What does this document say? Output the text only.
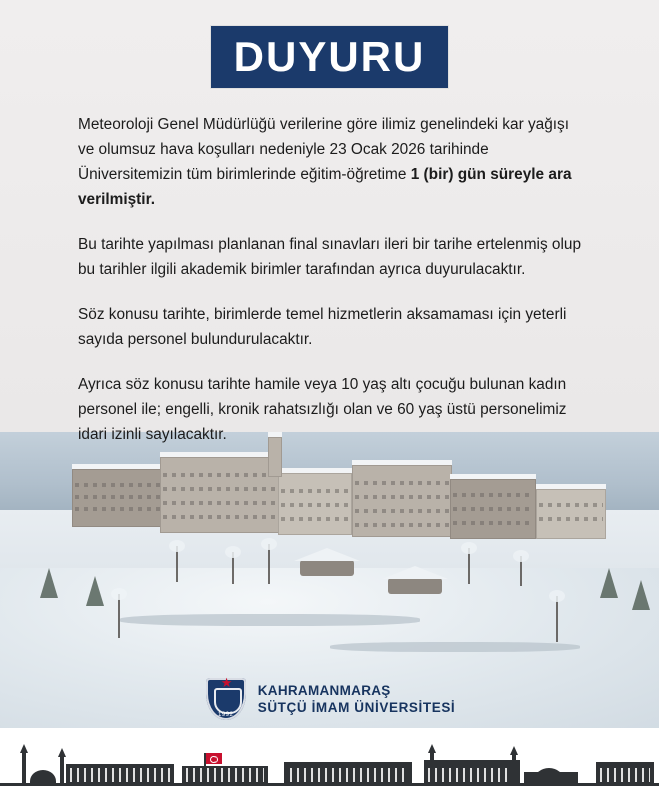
DUYURU

Meteoroloji Genel Müdürlüğü verilerine göre ilimiz genelindeki kar yağışı ve olumsuz hava koşulları nedeniyle 23 Ocak 2026 tarihinde Üniversitemizin tüm birimlerinde eğitim-öğretime 1 (bir) gün süreyle ara verilmiştir.

Bu tarihte yapılması planlanan final sınavları ileri bir tarihe ertelenmiş olup bu tarihler ilgili akademik birimler tarafından ayrıca duyurulacaktır.

Söz konusu tarihte, birimlerde temel hizmetlerin aksamaması için yeterli sayıda personel bulundurulacaktır.

Ayrıca söz konusu tarihte hamile veya 10 yaş altı çocuğu bulunan kadın personel ile; engelli, kronik rahatsızlığı olan ve 60 yaş üstü personelimiz idari izinli sayılacaktır.

★
1992
KAHRAMANMARAŞ
SÜTÇÜ İMAM ÜNİVERSİTESİ
